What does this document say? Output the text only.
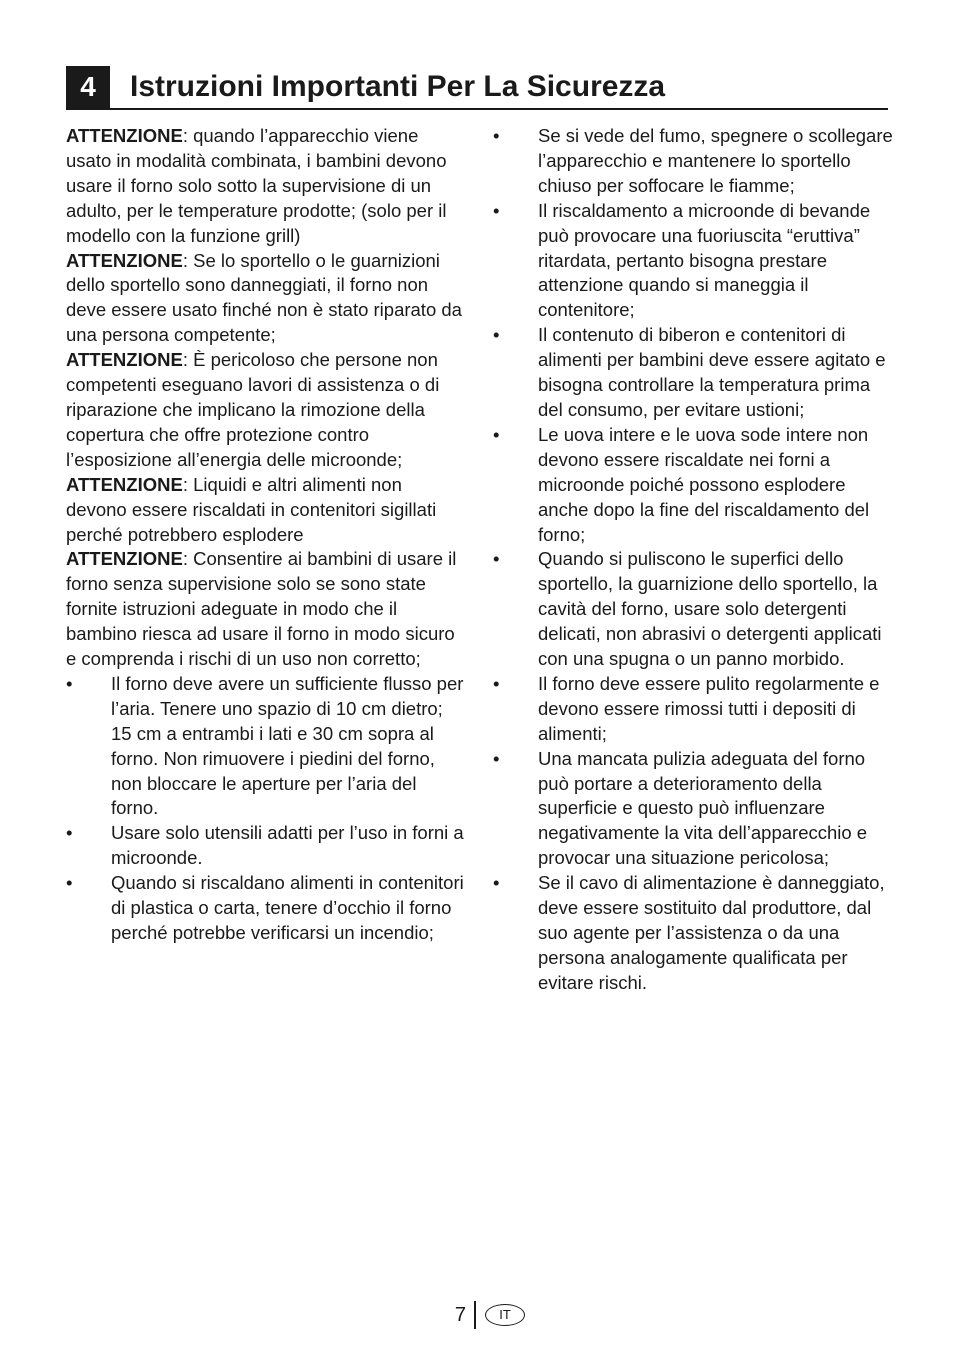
4	Istruzioni Importanti Per La Sicurezza

ATTENZIONE: quando l’apparecchio viene usato in modalità combinata, i bambini devono usare il forno solo sotto la supervisione di un adulto, per le temperature prodotte; (solo per il modello con la funzione grill)

ATTENZIONE: Se lo sportello o le guarnizioni dello sportello sono danneggiati, il forno non deve essere usato finché non è stato riparato da una persona competente;

ATTENZIONE: È pericoloso che persone non competenti eseguano lavori di assistenza o di riparazione che implicano la rimozione della copertura che offre protezione contro l’esposizione all’energia delle microonde;

ATTENZIONE: Liquidi e altri alimenti non devono essere riscaldati in contenitori sigillati perché potrebbero esplodere

ATTENZIONE: Consentire ai bambini di usare il forno senza supervisione solo se sono state fornite istruzioni adeguate in modo che il bambino riesca ad usare il forno in modo sicuro e comprenda i rischi di un uso non corretto;

• Il forno deve avere un sufficiente flusso per l’aria. Tenere uno spazio di 10 cm dietro; 15 cm a entrambi i lati e 30 cm sopra al forno. Non rimuovere i piedini del forno, non bloccare le aperture per l’aria del forno.
• Usare solo utensili adatti per l’uso in forni a microonde.
• Quando si riscaldano alimenti in contenitori di plastica o carta, tenere d’occhio il forno perché potrebbe verificarsi un incendio;
• Se si vede del fumo, spegnere o scollegare l’apparecchio e mantenere lo sportello chiuso per soffocare le fiamme;
• Il riscaldamento a microonde di bevande può provocare una fuoriuscita “eruttiva” ritardata, pertanto bisogna prestare attenzione quando si maneggia il contenitore;
• Il contenuto di biberon e contenitori di alimenti per bambini deve essere agitato e bisogna controllare la temperatura prima del consumo, per evitare ustioni;
• Le uova intere e le uova sode intere non devono essere riscaldate nei forni a microonde poiché possono esplodere anche dopo la fine del riscaldamento del forno;
• Quando si puliscono le superfici dello sportello, la guarnizione dello sportello, la cavità del forno, usare solo detergenti delicati, non abrasivi o detergenti applicati con una spugna o un panno morbido.
• Il forno deve essere pulito regolarmente e devono essere rimossi tutti i depositi di alimenti;
• Una mancata pulizia adeguata del forno può portare a deterioramento della superficie e questo può influenzare negativamente la vita dell’apparecchio e provocar una situazione pericolosa;
• Se il cavo di alimentazione è danneggiato, deve essere sostituito dal produttore, dal suo agente per l’assistenza o da una persona analogamente qualificata per evitare rischi.
7	IT
